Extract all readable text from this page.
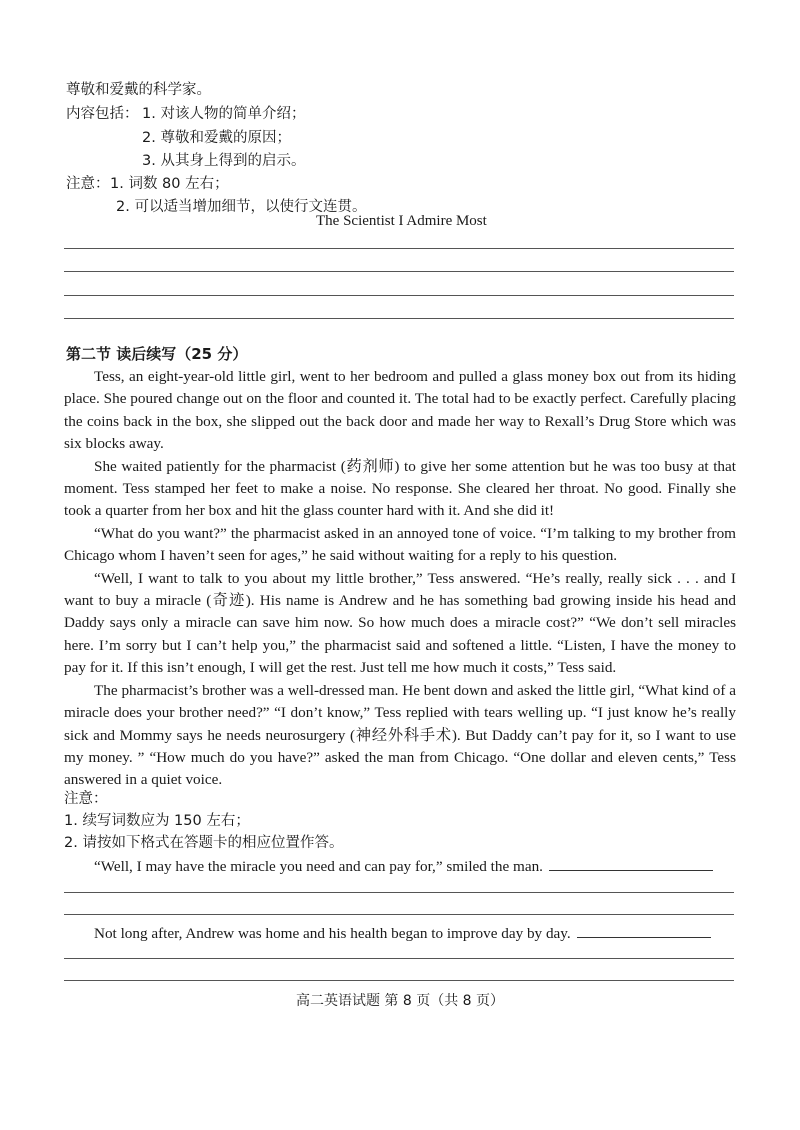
尊敬和爱戴的科学家。
内容包括： 1. 对该人物的简单介绍；
2. 尊敬和爱戴的原因；
3. 从其身上得到的启示。
注意： 1. 词数 80 左右；
2. 可以适当增加细节，以使行文连贯。
The Scientist I Admire Most
第二节 读后续写（25 分）

Tess, an eight-year-old little girl, went to her bedroom and pulled a glass money box out from its hiding place. She poured change out on the floor and counted it. The total had to be exactly perfect. Carefully placing the coins back in the box, she slipped out the back door and made her way to Rexall’s Drug Store which was six blocks away.

She waited patiently for the pharmacist (药剂师) to give her some attention but he was too busy at that moment. Tess stamped her feet to make a noise. No response. She cleared her throat. No good. Finally she took a quarter from her box and hit the glass counter hard with it. And she did it!

“What do you want?” the pharmacist asked in an annoyed tone of voice. “I’m talking to my brother from Chicago whom I haven’t seen for ages,” he said without waiting for a reply to his question.

“Well, I want to talk to you about my little brother,” Tess answered. “He’s really, really sick . . . and I want to buy a miracle (奇迹). His name is Andrew and he has something bad growing inside his head and Daddy says only a miracle can save him now. So how much does a miracle cost?” “We don’t sell miracles here. I’m sorry but I can’t help you,” the pharmacist said and softened a little. “Listen, I have the money to pay for it. If this isn’t enough, I will get the rest. Just tell me how much it costs,” Tess said.

The pharmacist’s brother was a well-dressed man. He bent down and asked the little girl, “What kind of a miracle does your brother need?” “I don’t know,” Tess replied with tears welling up. “I just know he’s really sick and Mommy says he needs neurosurgery (神经外科手术). But Daddy can’t pay for it, so I want to use my money. ” “How much do you have?” asked the man from Chicago. “One dollar and eleven cents,” Tess answered in a quiet voice.

注意：
1. 续写词数应为 150 左右；
2. 请按如下格式在答题卡的相应位置作答。
“Well, I may have the miracle you need and can pay for,” smiled the man.
Not long after, Andrew was home and his health began to improve day by day.
高二英语试题 第 8 页（共 8 页）
